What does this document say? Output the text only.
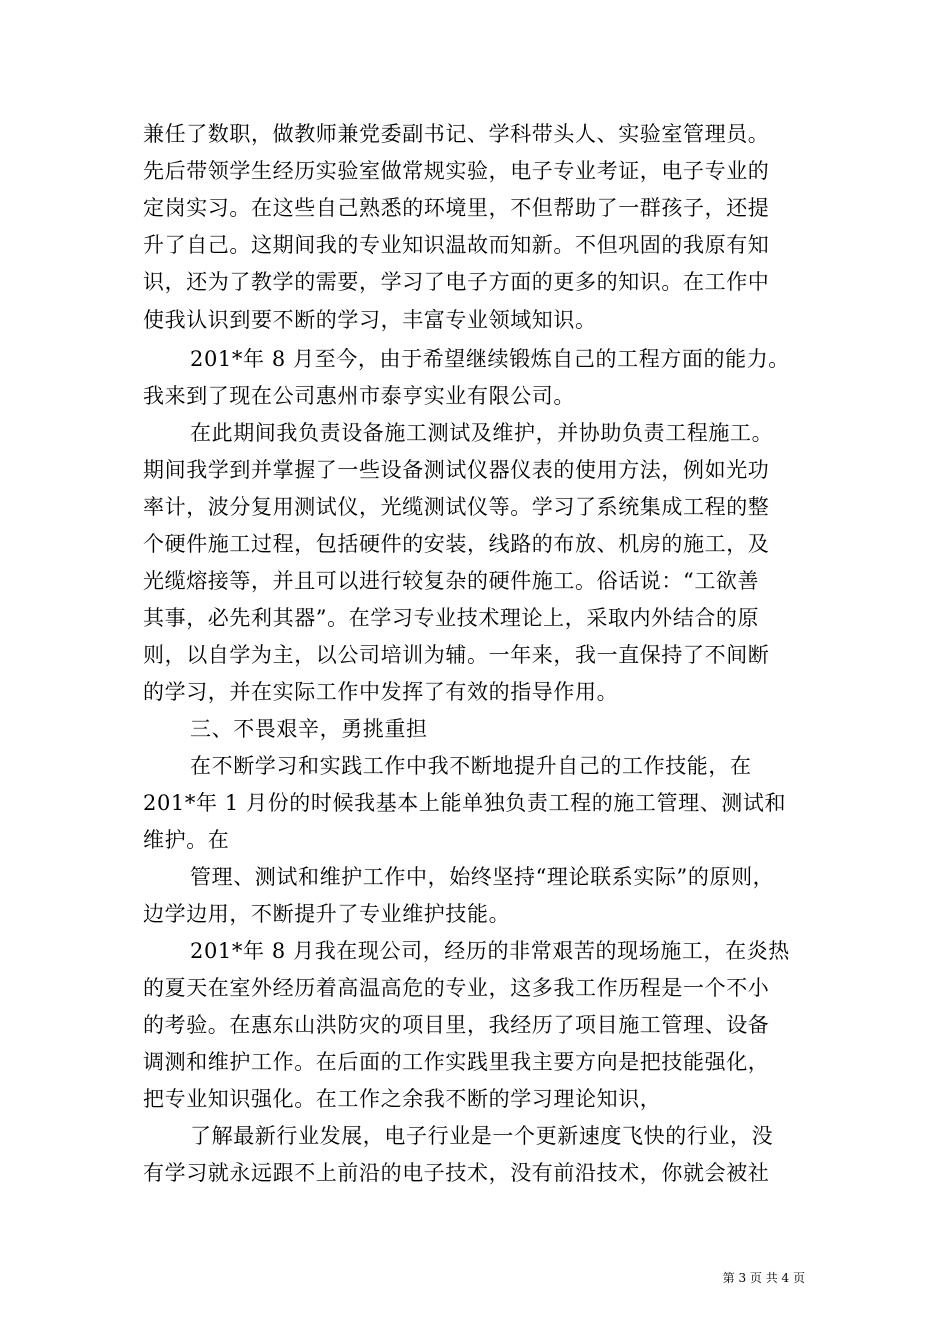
兼任了数职，做教师兼党委副书记、学科带头人、实验室管理员。
先后带领学生经历实验室做常规实验，电子专业考证，电子专业的
定岗实习。在这些自己熟悉的环境里，不但帮助了一群孩子，还提
升了自己。这期间我的专业知识温故而知新。不但巩固的我原有知
识，还为了教学的需要，学习了电子方面的更多的知识。在工作中
使我认识到要不断的学习，丰富专业领域知识。
201*年 8 月至今，由于希望继续锻炼自己的工程方面的能力。
我来到了现在公司惠州市泰亨实业有限公司。
在此期间我负责设备施工测试及维护，并协助负责工程施工。
期间我学到并掌握了一些设备测试仪器仪表的使用方法，例如光功
率计，波分复用测试仪，光缆测试仪等。学习了系统集成工程的整
个硬件施工过程，包括硬件的安装，线路的布放、机房的施工，及
光缆熔接等，并且可以进行较复杂的硬件施工。俗话说：“工欲善
其事，必先利其器”。在学习专业技术理论上，采取内外结合的原
则，以自学为主，以公司培训为辅。一年来，我一直保持了不间断
的学习，并在实际工作中发挥了有效的指导作用。
三、不畏艰辛，勇挑重担
在不断学习和实践工作中我不断地提升自己的工作技能，在
201*年 1 月份的时候我基本上能单独负责工程的施工管理、测试和
维护。在
管理、测试和维护工作中，始终坚持“理论联系实际”的原则，
边学边用，不断提升了专业维护技能。
201*年 8 月我在现公司，经历的非常艰苦的现场施工，在炎热
的夏天在室外经历着高温高危的专业，这多我工作历程是一个不小
的考验。在惠东山洪防灾的项目里，我经历了项目施工管理、设备
调测和维护工作。在后面的工作实践里我主要方向是把技能强化，
把专业知识强化。在工作之余我不断的学习理论知识，
了解最新行业发展，电子行业是一个更新速度飞快的行业，没
有学习就永远跟不上前沿的电子技术，没有前沿技术，你就会被社
第 3 页 共 4 页
